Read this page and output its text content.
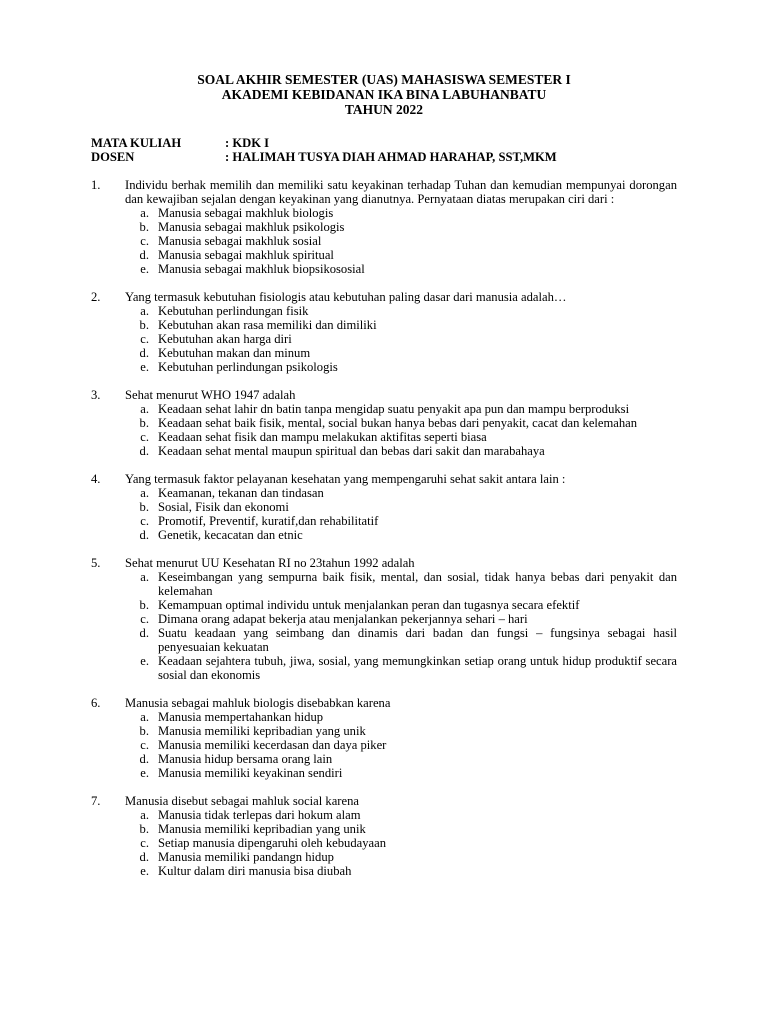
SOAL AKHIR SEMESTER (UAS) MAHASISWA SEMESTER I
AKADEMI KEBIDANAN IKA BINA LABUHANBATU
TAHUN 2022
MATA KULIAH	: KDK I
DOSEN	: HALIMAH TUSYA DIAH AHMAD HARAHAP, SST,MKM
1.	Individu berhak memilih dan memiliki satu keyakinan terhadap Tuhan dan kemudian mempunyai dorongan dan kewajiban sejalan dengan keyakinan yang dianutnya. Pernyataan diatas merupakan ciri dari :
a. Manusia sebagai makhluk biologis
b. Manusia sebagai makhluk psikologis
c. Manusia sebagai makhluk sosial
d. Manusia sebagai makhluk spiritual
e. Manusia sebagai makhluk biopsikososial
2.	Yang termasuk kebutuhan fisiologis atau kebutuhan paling dasar dari manusia adalah…
a. Kebutuhan perlindungan fisik
b. Kebutuhan akan rasa memiliki dan dimiliki
c. Kebutuhan akan harga diri
d. Kebutuhan makan dan minum
e. Kebutuhan perlindungan psikologis
3.	Sehat menurut WHO 1947 adalah
a. Keadaan sehat lahir dn batin tanpa mengidap suatu penyakit apa pun dan mampu berproduksi
b. Keadaan sehat baik fisik, mental, social bukan hanya bebas dari penyakit, cacat dan kelemahan
c. Keadaan sehat fisik dan mampu melakukan aktifitas seperti biasa
d. Keadaan sehat mental maupun spiritual dan bebas dari sakit dan marabahaya
4.	Yang termasuk faktor pelayanan kesehatan yang mempengaruhi sehat sakit antara lain :
a. Keamanan, tekanan dan tindasan
b. Sosial, Fisik dan ekonomi
c. Promotif, Preventif, kuratif,dan rehabilitatif
d. Genetik, kecacatan dan etnic
5.	Sehat menurut UU Kesehatan RI no 23tahun 1992 adalah
a. Keseimbangan yang sempurna baik fisik, mental, dan sosial, tidak hanya bebas dari penyakit dan kelemahan
b. Kemampuan optimal individu untuk menjalankan peran dan tugasnya secara efektif
c. Dimana orang adapat bekerja atau menjalankan pekerjannya sehari – hari
d. Suatu keadaan yang seimbang dan dinamis dari badan dan fungsi – fungsinya sebagai hasil penyesuaian kekuatan
e. Keadaan sejahtera tubuh, jiwa, sosial, yang memungkinkan setiap orang untuk hidup produktif secara sosial dan ekonomis
6.	Manusia sebagai mahluk biologis disebabkan karena
a. Manusia mempertahankan hidup
b. Manusia memiliki kepribadian yang unik
c. Manusia memiliki kecerdasan dan daya piker
d. Manusia hidup bersama orang lain
e. Manusia memiliki keyakinan sendiri
7.	Manusia disebut sebagai mahluk social karena
a. Manusia tidak terlepas dari hokum alam
b. Manusia memiliki kepribadian yang unik
c. Setiap manusia dipengaruhi oleh kebudayaan
d. Manusia memiliki pandangn hidup
e. Kultur dalam diri manusia bisa diubah
